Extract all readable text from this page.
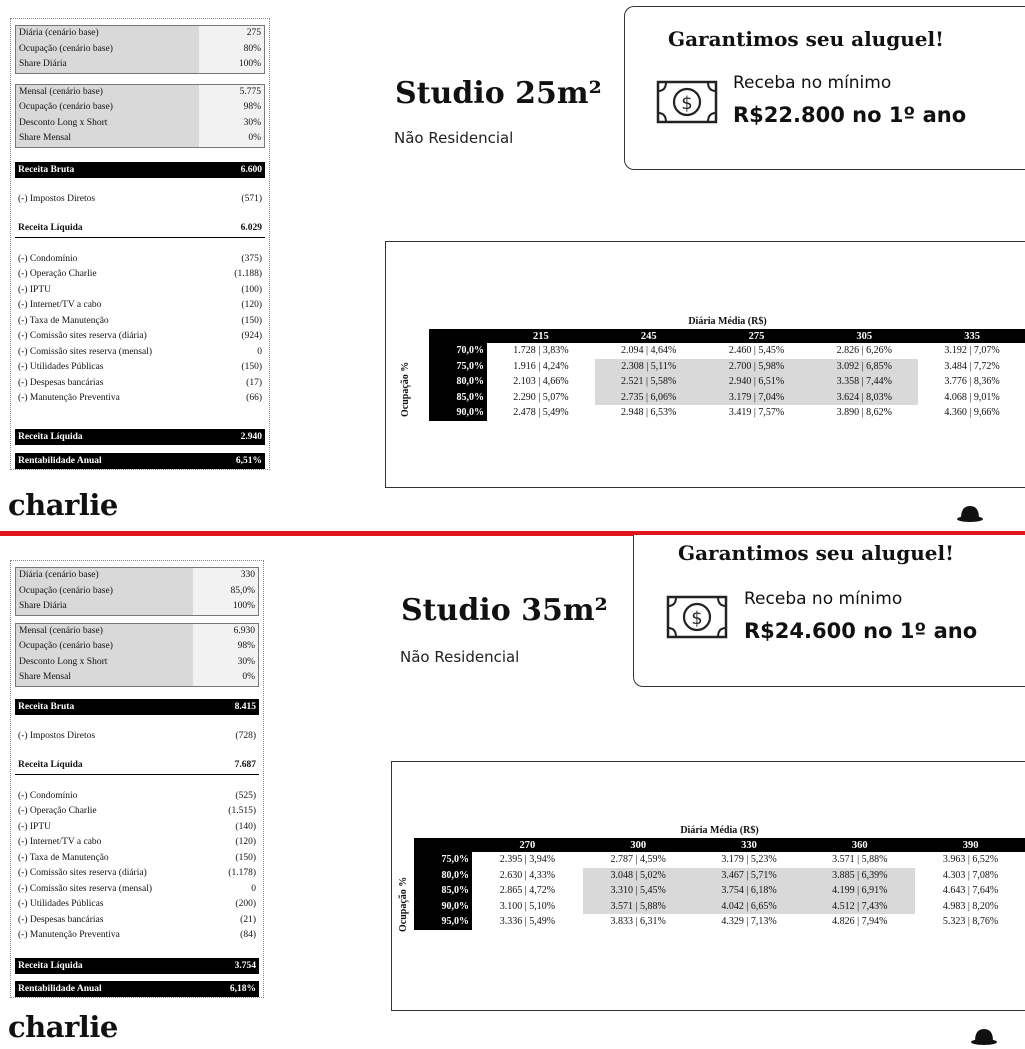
Diária (cenário base)	275
Ocupação (cenário base)	80%
Share Diária	100%
Mensal (cenário base)	5.775
Ocupação (cenário base)	98%
Desconto Long x Short	30%
Share Mensal	0%
Receita Bruta	6.600
(-) Impostos Diretos	(571)
Receita Líquida	6.029
(-) Condomínio	(375)
(-) Operação Charlie	(1.188)
(-) IPTU	(100)
(-) Internet/TV a cabo	(120)
(-) Taxa de Manutenção	(150)
(-) Comissão sites reserva (diária)	(924)
(-) Comissão sites reserva (mensal)	0
(-) Utilidades Públicas	(150)
(-) Despesas bancárias	(17)
(-) Manutenção Preventiva	(66)
Receita Líquida	2.940
Rentabilidade Anual	6,51%
charlie
Studio 25m²
Não Residencial
Garantimos seu aluguel!
$
Receba no mínimo
R$22.800 no 1º ano
Diária Média (R$)
Ocupação %
	215	245	275	305	335
70,0%	1.728 | 3,83%	2.094 | 4,64%	2.460 | 5,45%	2.826 | 6,26%	3.192 | 7,07%
75,0%	1.916 | 4,24%	2.308 | 5,11%	2.700 | 5,98%	3.092 | 6,85%	3.484 | 7,72%
80,0%	2.103 | 4,66%	2.521 | 5,58%	2.940 | 6,51%	3.358 | 7,44%	3.776 | 8,36%
85,0%	2.290 | 5,07%	2.735 | 6,06%	3.179 | 7,04%	3.624 | 8,03%	4.068 | 9,01%
90,0%	2.478 | 5,49%	2.948 | 6,53%	3.419 | 7,57%	3.890 | 8,62%	4.360 | 9,66%
Diária (cenário base)	330
Ocupação (cenário base)	85,0%
Share Diária	100%
Mensal (cenário base)	6.930
Ocupação (cenário base)	98%
Desconto Long x Short	30%
Share Mensal	0%
Receita Bruta	8.415
(-) Impostos Diretos	(728)
Receita Líquida	7.687
(-) Condomínio	(525)
(-) Operação Charlie	(1.515)
(-) IPTU	(140)
(-) Internet/TV a cabo	(120)
(-) Taxa de Manutenção	(150)
(-) Comissão sites reserva (diária)	(1.178)
(-) Comissão sites reserva (mensal)	0
(-) Utilidades Públicas	(200)
(-) Despesas bancárias	(21)
(-) Manutenção Preventiva	(84)
Receita Líquida	3.754
Rentabilidade Anual	6,18%
charlie
Studio 35m²
Não Residencial
Garantimos seu aluguel!
$
Receba no mínimo
R$24.600 no 1º ano
Diária Média (R$)
Ocupação %
	270	300	330	360	390
75,0%	2.395 | 3,94%	2.787 | 4,59%	3.179 | 5,23%	3.571 | 5,88%	3.963 | 6,52%
80,0%	2.630 | 4,33%	3.048 | 5,02%	3.467 | 5,71%	3.885 | 6,39%	4.303 | 7,08%
85,0%	2.865 | 4,72%	3.310 | 5,45%	3.754 | 6,18%	4.199 | 6,91%	4.643 | 7,64%
90,0%	3.100 | 5,10%	3.571 | 5,88%	4.042 | 6,65%	4.512 | 7,43%	4.983 | 8,20%
95,0%	3.336 | 5,49%	3.833 | 6,31%	4.329 | 7,13%	4.826 | 7,94%	5.323 | 8,76%
